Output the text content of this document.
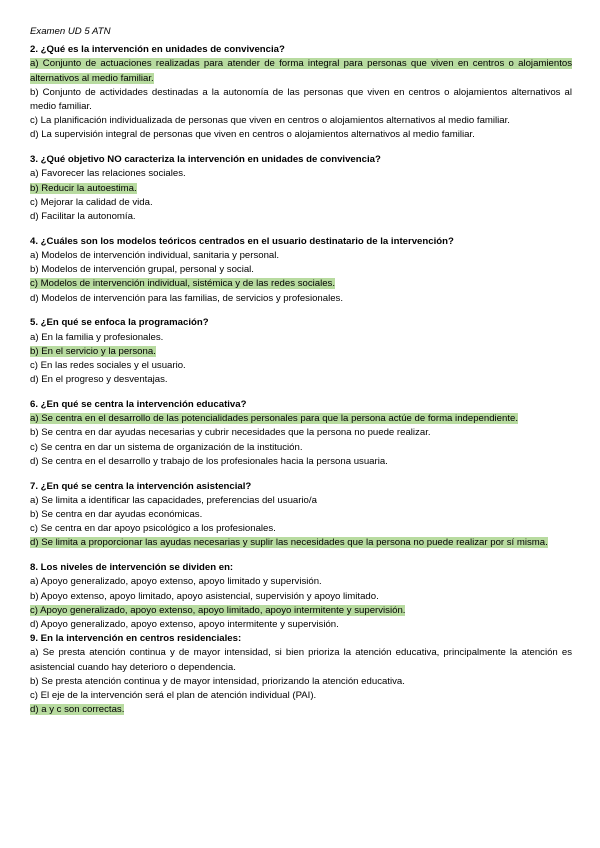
Examen UD 5 ATN
2. ¿Qué es la intervención en unidades de convivencia?
a) Conjunto de actuaciones realizadas para atender de forma integral para personas que viven en centros o alojamientos alternativos al medio familiar.
b) Conjunto de actividades destinadas a la autonomía de las personas que viven en centros o alojamientos alternativos al medio familiar.
c) La planificación individualizada de personas que viven en centros o alojamientos alternativos al medio familiar.
d) La supervisión integral de personas que viven en centros o alojamientos alternativos al medio familiar.
3. ¿Qué objetivo NO caracteriza la intervención en unidades de convivencia?
a) Favorecer las relaciones sociales.
b) Reducir la autoestima.
c) Mejorar la calidad de vida.
d) Facilitar la autonomía.
4. ¿Cuáles son los modelos teóricos centrados en el usuario destinatario de la intervención?
a) Modelos de intervención individual, sanitaria y personal.
b) Modelos de intervención grupal, personal y social.
c) Modelos de intervención individual, sistémica y de las redes sociales.
d) Modelos de intervención para las familias, de servicios y profesionales.
5. ¿En qué se enfoca la programación?
a) En la familia y profesionales.
b) En el servicio y la persona.
c) En las redes sociales y el usuario.
d) En el progreso y desventajas.
6. ¿En qué se centra la intervención educativa?
a) Se centra en el desarrollo de las potencialidades personales para que la persona actúe de forma independiente.
b) Se centra en dar ayudas necesarias y cubrir necesidades que la persona no puede realizar.
c) Se centra en dar un sistema de organización de la institución.
d) Se centra en el desarrollo y trabajo de los profesionales hacia la persona usuaria.
7. ¿En qué se centra la intervención asistencial?
a) Se limita a identificar las capacidades, preferencias del usuario/a
b) Se centra en dar ayudas económicas.
c) Se centra en dar apoyo psicológico a los profesionales.
d) Se limita a proporcionar las ayudas necesarias y suplir las necesidades que la persona no puede realizar por sí misma.
8. Los niveles de intervención se dividen en:
a) Apoyo generalizado, apoyo extenso, apoyo limitado y supervisión.
b) Apoyo extenso, apoyo limitado, apoyo asistencial, supervisión y apoyo limitado.
c) Apoyo generalizado, apoyo extenso, apoyo limitado, apoyo intermitente y supervisión.
d) Apoyo generalizado, apoyo extenso, apoyo intermitente y supervisión.
9. En la intervención en centros residenciales:
a) Se presta atención continua y de mayor intensidad, si bien prioriza la atención educativa, principalmente la atención es asistencial cuando hay deterioro o dependencia.
b) Se presta atención continua y de mayor intensidad, priorizando la atención educativa.
c) El eje de la intervención será el plan de atención individual (PAI).
d) a y c son correctas.
